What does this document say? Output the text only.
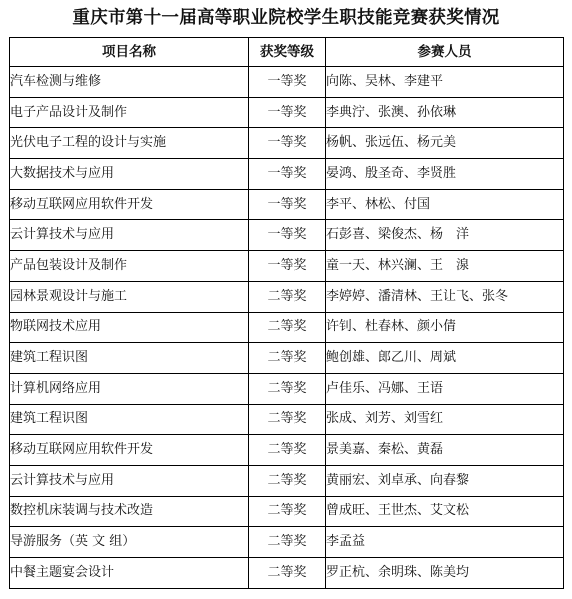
重庆市第十一届高等职业院校学生职技能竞赛获奖情况
项目名称	获奖等级	参赛人员
汽车检测与维修	一等奖	向陈、吴林、李建平
电子产品设计及制作	一等奖	李典泞、张澳、孙依琳
光伏电子工程的设计与实施	一等奖	杨帆、张远伍、杨元美
大数据技术与应用	一等奖	晏鸿、殷圣奇、李贤胜
移动互联网应用软件开发	一等奖	李平、林松、付国
云计算技术与应用	一等奖	石彭喜、梁俊杰、杨　洋
产品包装设计及制作	一等奖	童一天、林兴澜、王　湶
园林景观设计与施工	二等奖	李婷婷、潘清林、王让飞、张冬
物联网技术应用	二等奖	许钊、杜春林、颜小倩
建筑工程识图	二等奖	鲍创雄、郎乙川、周斌
计算机网络应用	二等奖	卢佳乐、冯娜、王语
建筑工程识图	二等奖	张成、刘芳、刘雪红
移动互联网应用软件开发	二等奖	景美嘉、秦松、黄磊
云计算技术与应用	二等奖	黄丽宏、刘卓承、向春黎
数控机床装调与技术改造	二等奖	曾成旺、王世杰、艾文松
导游服务（英 文 组）	二等奖	李孟益
中餐主题宴会设计	二等奖	罗正杭、余明珠、陈美均
